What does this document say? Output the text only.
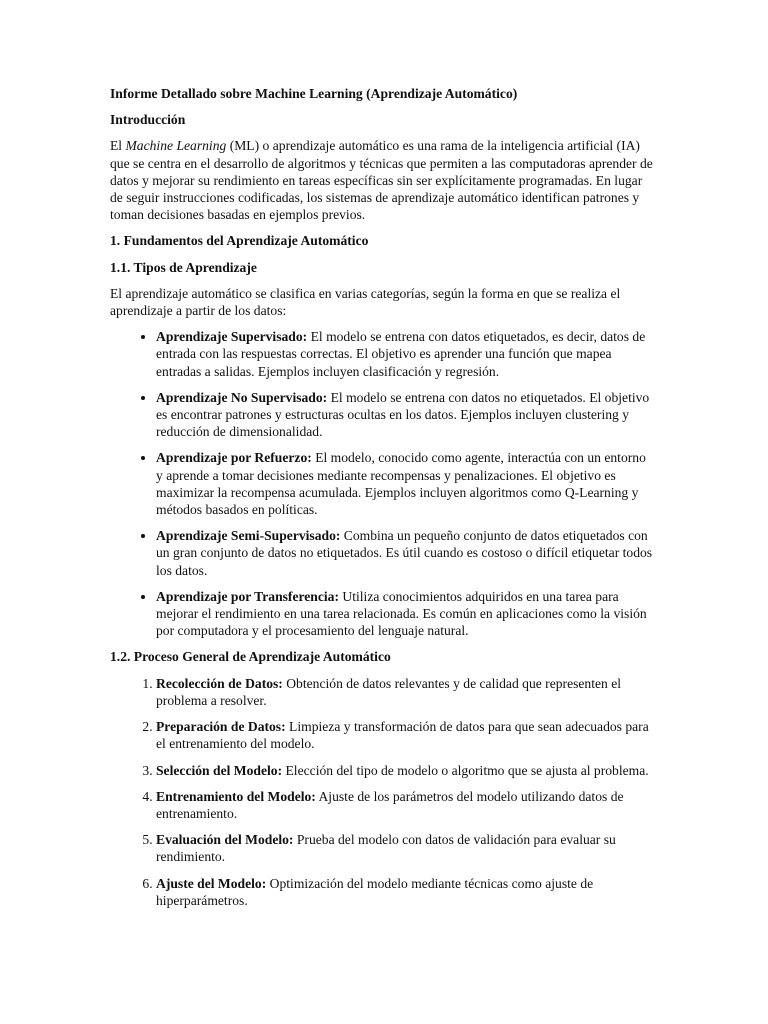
Informe Detallado sobre Machine Learning (Aprendizaje Automático)
Introducción

El Machine Learning (ML) o aprendizaje automático es una rama de la inteligencia artificial (IA) que se centra en el desarrollo de algoritmos y técnicas que permiten a las computadoras aprender de datos y mejorar su rendimiento en tareas específicas sin ser explícitamente programadas. En lugar de seguir instrucciones codificadas, los sistemas de aprendizaje automático identifican patrones y toman decisiones basadas en ejemplos previos.

1. Fundamentos del Aprendizaje Automático
1.1. Tipos de Aprendizaje

El aprendizaje automático se clasifica en varias categorías, según la forma en que se realiza el aprendizaje a partir de los datos:

• Aprendizaje Supervisado: El modelo se entrena con datos etiquetados, es decir, datos de entrada con las respuestas correctas. El objetivo es aprender una función que mapea entradas a salidas. Ejemplos incluyen clasificación y regresión.
• Aprendizaje No Supervisado: El modelo se entrena con datos no etiquetados. El objetivo es encontrar patrones y estructuras ocultas en los datos. Ejemplos incluyen clustering y reducción de dimensionalidad.
• Aprendizaje por Refuerzo: El modelo, conocido como agente, interactúa con un entorno y aprende a tomar decisiones mediante recompensas y penalizaciones. El objetivo es maximizar la recompensa acumulada. Ejemplos incluyen algoritmos como Q-Learning y métodos basados en políticas.
• Aprendizaje Semi-Supervisado: Combina un pequeño conjunto de datos etiquetados con un gran conjunto de datos no etiquetados. Es útil cuando es costoso o difícil etiquetar todos los datos.
• Aprendizaje por Transferencia: Utiliza conocimientos adquiridos en una tarea para mejorar el rendimiento en una tarea relacionada. Es común en aplicaciones como la visión por computadora y el procesamiento del lenguaje natural.
1.2. Proceso General de Aprendizaje Automático
1. Recolección de Datos: Obtención de datos relevantes y de calidad que representen el problema a resolver.
2. Preparación de Datos: Limpieza y transformación de datos para que sean adecuados para el entrenamiento del modelo.
3. Selección del Modelo: Elección del tipo de modelo o algoritmo que se ajusta al problema.
4. Entrenamiento del Modelo: Ajuste de los parámetros del modelo utilizando datos de entrenamiento.
5. Evaluación del Modelo: Prueba del modelo con datos de validación para evaluar su rendimiento.
6. Ajuste del Modelo: Optimización del modelo mediante técnicas como ajuste de hiperparámetros.
